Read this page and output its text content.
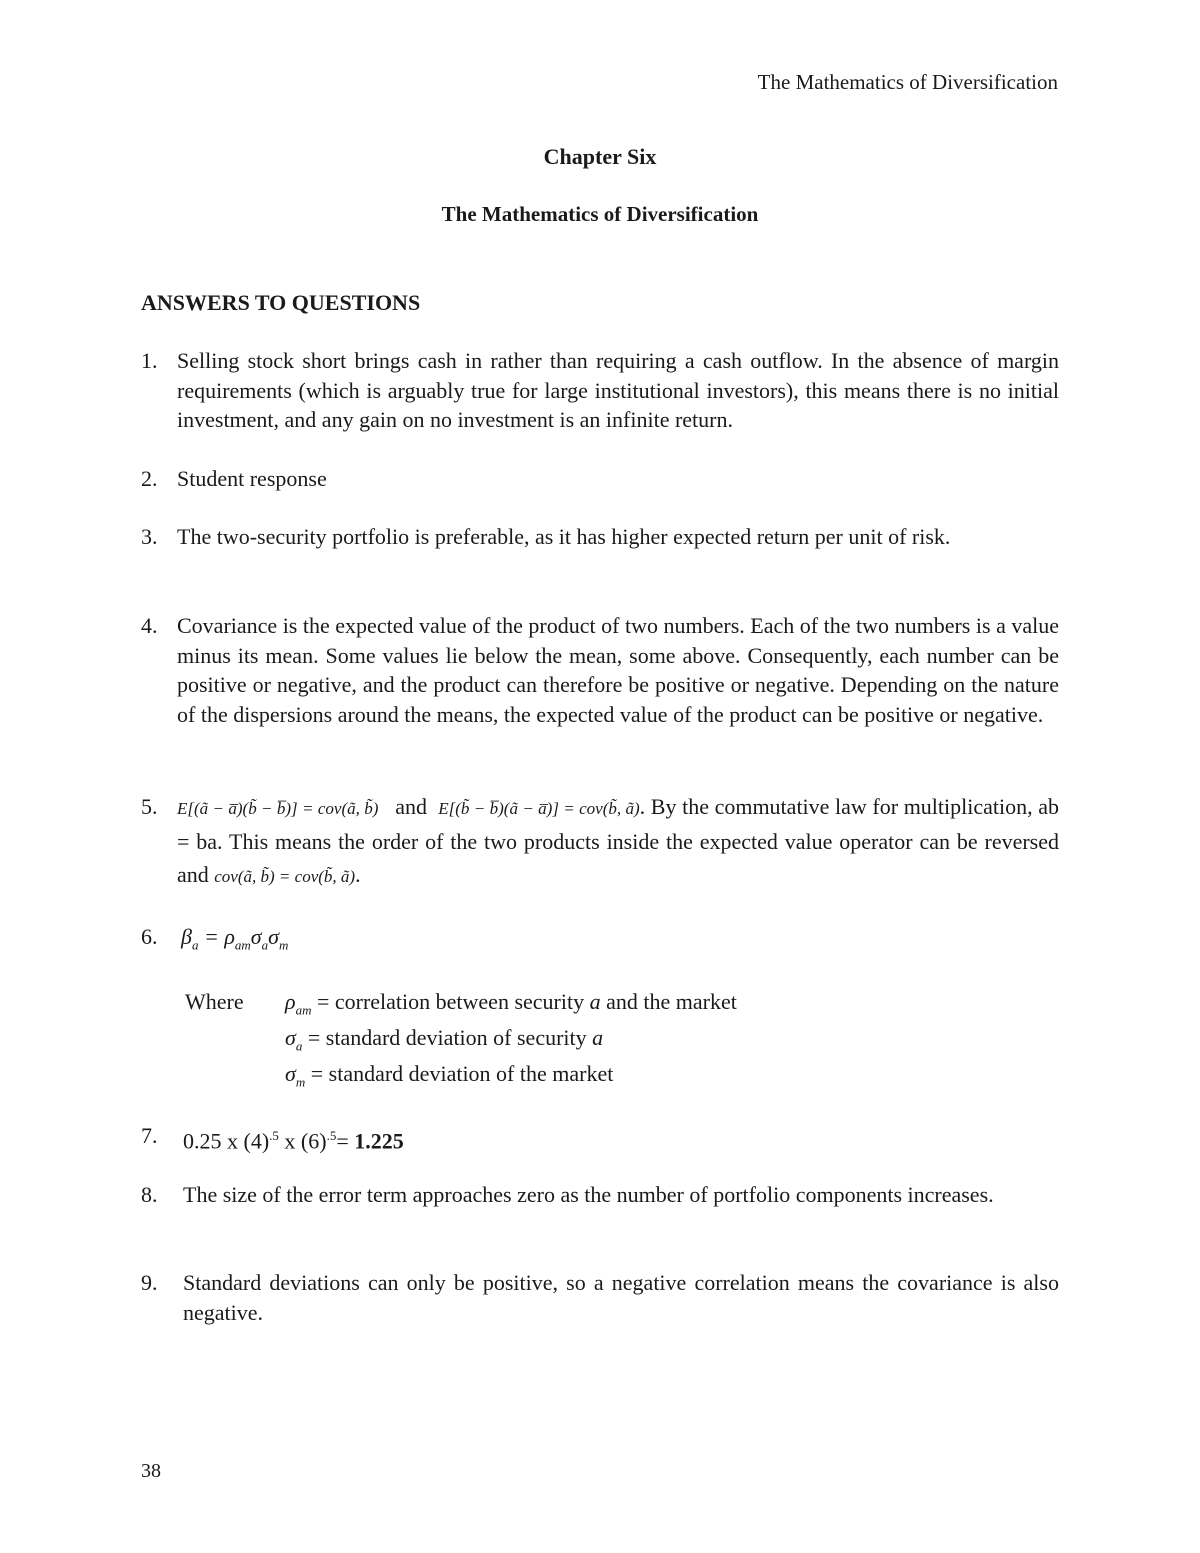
The Mathematics of Diversification
Chapter Six
The Mathematics of Diversification
ANSWERS TO QUESTIONS
1. Selling stock short brings cash in rather than requiring a cash outflow. In the absence of margin requirements (which is arguably true for large institutional investors), this means there is no initial investment, and any gain on no investment is an infinite return.
2. Student response
3. The two-security portfolio is preferable, as it has higher expected return per unit of risk.
4. Covariance is the expected value of the product of two numbers. Each of the two numbers is a value minus its mean. Some values lie below the mean, some above. Consequently, each number can be positive or negative, and the product can therefore be positive or negative. Depending on the nature of the dispersions around the means, the expected value of the product can be positive or negative.
5. E[(ã − a̅)(b̃ − b̅)] = cov(ã, b̃) and E[(b̃ − b̅)(ã − a̅)] = cov(b̃, ã). By the commutative law for multiplication, ab = ba. This means the order of the two products inside the expected value operator can be reversed and cov(ã, b̃) = cov(b̃, ã).
6. $\beta_a = \rho_{am}\sigma_a\sigma_m$
Where $\rho_{am}$ = correlation between security a and the market
$\sigma_a$ = standard deviation of security a
$\sigma_m$ = standard deviation of the market
7. 0.25 x $(4)^{.5}$ x $(6)^{.5}= 1.225$
8. The size of the error term approaches zero as the number of portfolio components increases.
9. Standard deviations can only be positive, so a negative correlation means the covariance is also negative.
38
